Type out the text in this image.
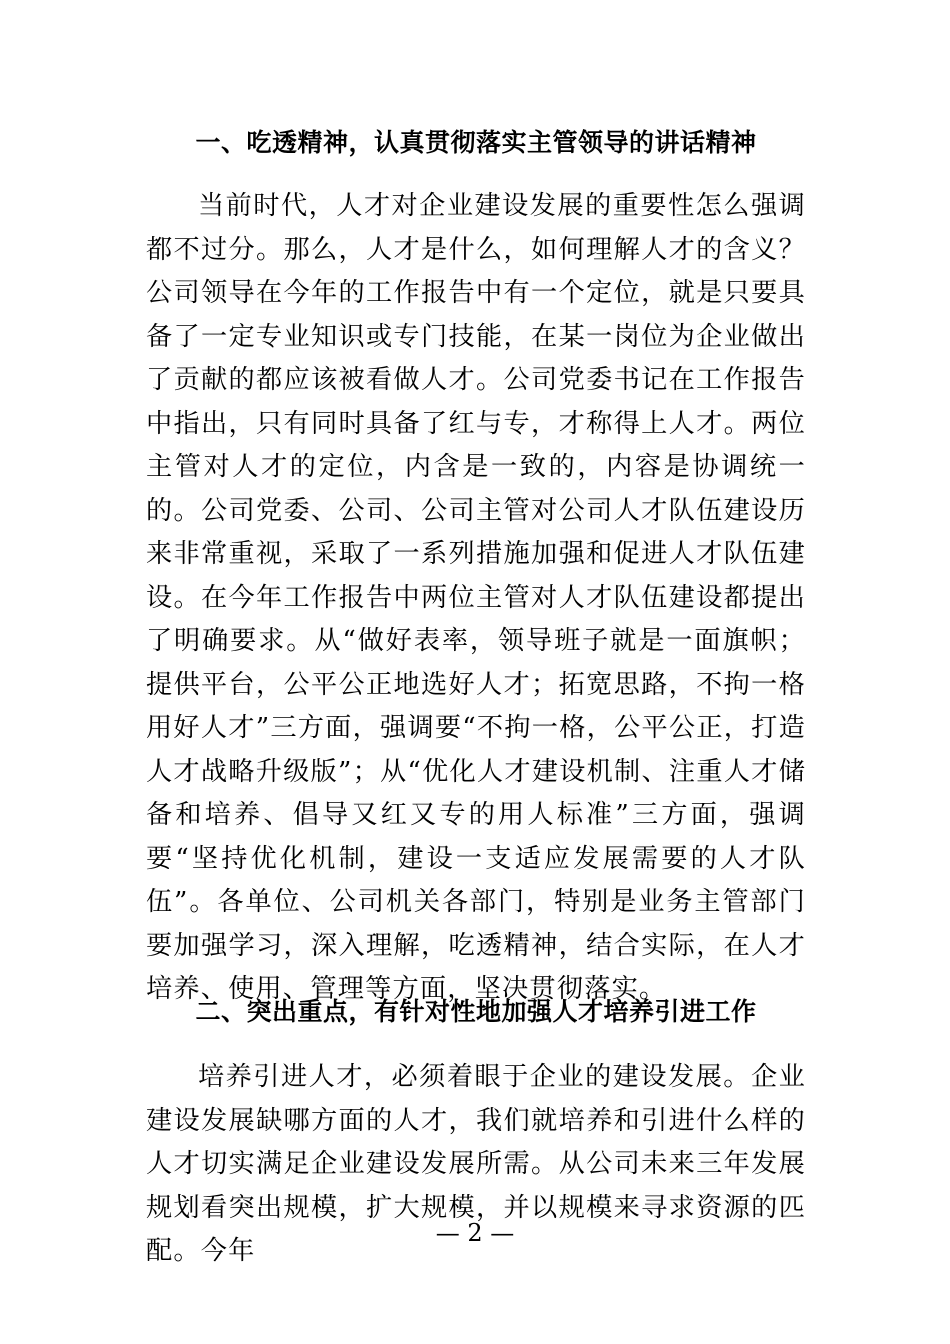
一、吃透精神，认真贯彻落实主管领导的讲话精神

当前时代，人才对企业建设发展的重要性怎么强调都不过分。那么，人才是什么，如何理解人才的含义？公司领导在今年的工作报告中有一个定位，就是只要具备了一定专业知识或专门技能，在某一岗位为企业做出了贡献的都应该被看做人才。公司党委书记在工作报告中指出，只有同时具备了红与专，才称得上人才。两位主管对人才的定位，内含是一致的，内容是协调统一的。公司党委、公司、公司主管对公司人才队伍建设历来非常重视，采取了一系列措施加强和促进人才队伍建设。在今年工作报告中两位主管对人才队伍建设都提出了明确要求。从“做好表率，领导班子就是一面旗帜；提供平台，公平公正地选好人才；拓宽思路，不拘一格用好人才”三方面，强调要“不拘一格，公平公正，打造人才战略升级版”；从“优化人才建设机制、注重人才储备和培养、倡导又红又专的用人标准”三方面，强调要“坚持优化机制，建设一支适应发展需要的人才队伍”。各单位、公司机关各部门，特别是业务主管部门要加强学习，深入理解，吃透精神，结合实际，在人才培养、使用、管理等方面，坚决贯彻落实。

二、突出重点，有针对性地加强人才培养引进工作

培养引进人才，必须着眼于企业的建设发展。企业建设发展缺哪方面的人才，我们就培养和引进什么样的人才切实满足企业建设发展所需。从公司未来三年发展规划看突出规模，扩大规模，并以规模来寻求资源的匹配。今年

— 2 —
